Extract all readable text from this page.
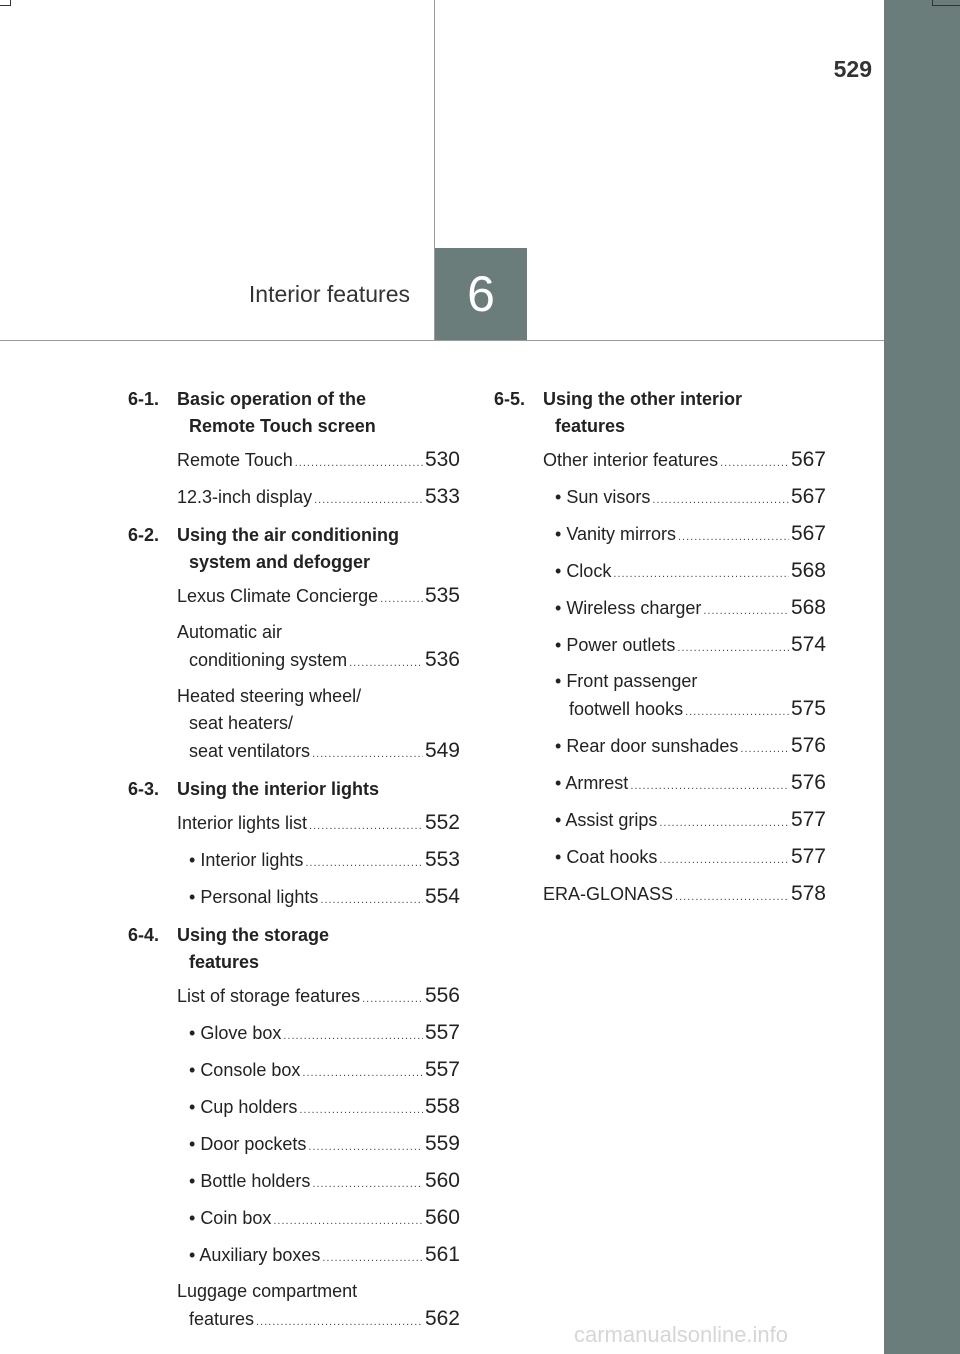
529
Interior features 6
6-1. Basic operation of the
Remote Touch screen
Remote Touch .....	530
12.3-inch display .....	533
6-2. Using the air conditioning
system and defogger
Lexus Climate Concierge ..... 535
Automatic air
conditioning system .....	536
Heated steering wheel/
seat heaters/
seat ventilators .....	549
6-3. Using the interior lights
Interior lights list .....	552
• Interior lights .....	553
• Personal lights .....	554
6-4. Using the storage
features
List of storage features .....	556
• Glove box .....	557
• Console box .....	557
• Cup holders .....	558
• Door pockets .....	559
• Bottle holders .....	560
• Coin box .....	560
• Auxiliary boxes .....	561
Luggage compartment
features .....	562
6-5. Using the other interior
features
Other interior features .....	567
• Sun visors .....	567
• Vanity mirrors .....	567
• Clock .....	568
• Wireless charger .....	568
• Power outlets .....	574
• Front passenger
footwell hooks .....	575
• Rear door sunshades .....	576
• Armrest .....	576
• Assist grips .....	577
• Coat hooks .....	577
ERA-GLONASS .....	578
carmanualsonline.info
